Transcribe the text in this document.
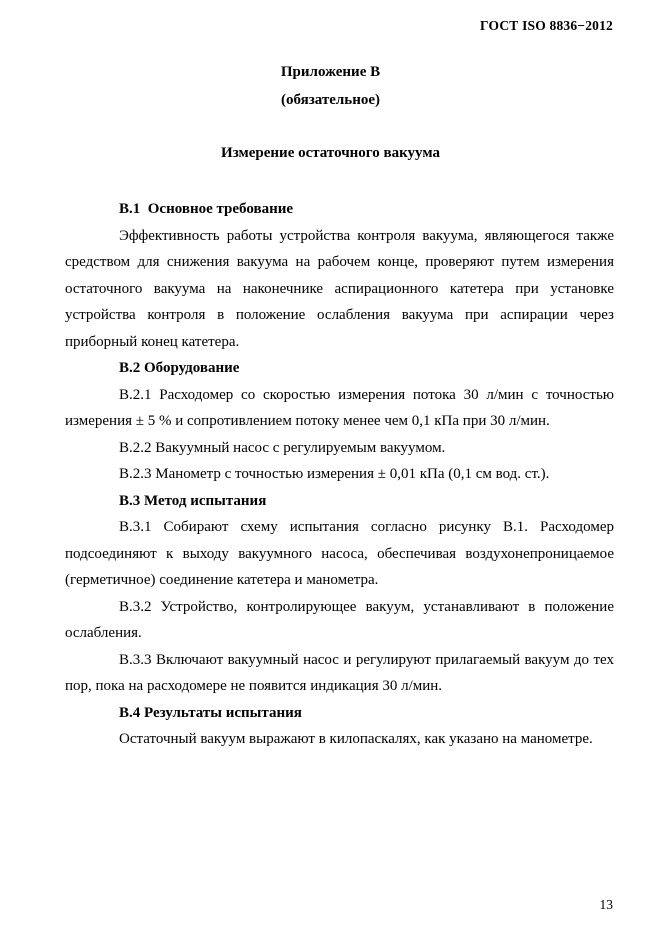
ГОСТ ISO 8836−2012
Приложение В
(обязательное)
Измерение остаточного вакуума

В.1  Основное требование

Эффективность работы устройства контроля вакуума, являющегося также средством для снижения вакуума на рабочем конце, проверяют путем измерения остаточного вакуума на наконечнике аспирационного катетера при установке устройства контроля в положение ослабления вакуума при аспирации через приборный конец катетера.

В.2 Оборудование

В.2.1 Расходомер со скоростью измерения потока 30 л/мин с точностью измерения ± 5 % и сопротивлением потоку менее чем 0,1 кПа при 30 л/мин.

В.2.2 Вакуумный насос с регулируемым вакуумом.

В.2.3 Манометр с точностью измерения ± 0,01 кПа (0,1 см вод. ст.).

В.3 Метод испытания

В.3.1 Собирают схему испытания согласно рисунку В.1. Расходомер подсоединяют к выходу вакуумного насоса, обеспечивая воздухонепроницаемое (герметичное) соединение катетера и манометра.

В.3.2 Устройство, контролирующее вакуум, устанавливают в положение ослабления.

В.3.3 Включают вакуумный насос и регулируют прилагаемый вакуум до тех пор, пока на расходомере не появится индикация 30 л/мин.

В.4 Результаты испытания

Остаточный вакуум выражают в килопаскалях, как указано на манометре.

13
